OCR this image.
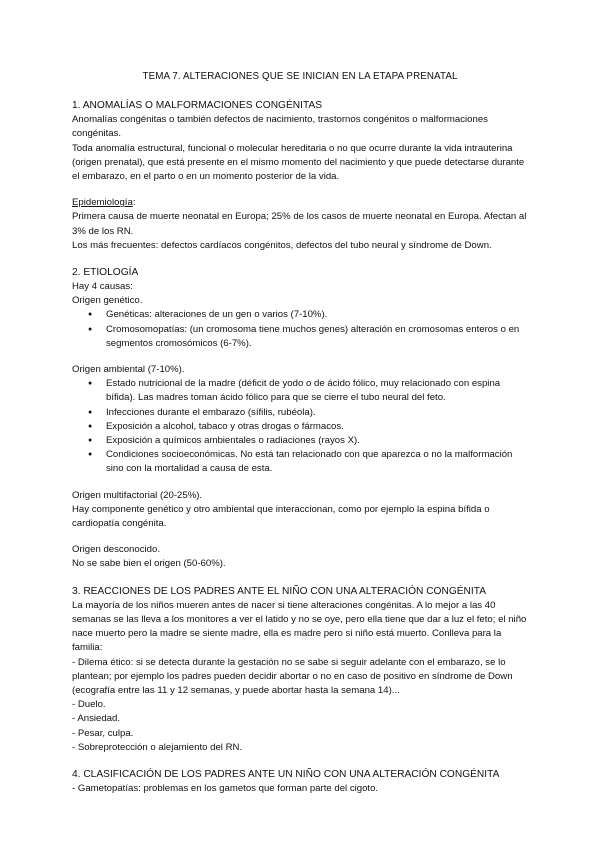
TEMA 7. ALTERACIONES QUE SE INICIAN EN LA ETAPA PRENATAL
1. ANOMALÍAS O MALFORMACIONES CONGÉNITAS
Anomalías congénitas o también defectos de nacimiento, trastornos congénitos o malformaciones congénitas.
Toda anomalía estructural, funcional o molecular hereditaria o no que ocurre durante la vida intrauterina (origen prenatal), que está presente en el mismo momento del nacimiento y que puede detectarse durante el embarazo, en el parto o en un momento posterior de la vida.
Epidemiología:
Primera causa de muerte neonatal en Europa; 25% de los casos de muerte neonatal en Europa. Afectan al 3% de los RN.
Los más frecuentes: defectos cardíacos congénitos, defectos del tubo neural y síndrome de Down.
2. ETIOLOGÍA
Hay 4 causas:
Origen genético.
● Genéticas: alteraciones de un gen o varios (7-10%).
● Cromosomopatías: (un cromosoma tiene muchos genes) alteración en cromosomas enteros o en segmentos cromosómicos (6-7%).
Origen ambiental (7-10%).
● Estado nutricional de la madre (déficit de yodo o de ácido fólico, muy relacionado con espina bífida). Las madres toman ácido fólico para que se cierre el tubo neural del feto.
● Infecciones durante el embarazo (sífilis, rubéola).
● Exposición a alcohol, tabaco y otras drogas o fármacos.
● Exposición a químicos ambientales o radiaciones (rayos X).
● Condiciones socioeconómicas. No está tan relacionado con que aparezca o no la malformación sino con la mortalidad a causa de esta.
Origen multifactorial (20-25%).
Hay componente genético y otro ambiental que interaccionan, como por ejemplo la espina bífida o cardiopatía congénita.
Origen desconocido.
No se sabe bien el origen (50-60%).
3. REACCIONES DE LOS PADRES ANTE EL NIÑO CON UNA ALTERACIÓN CONGÉNITA
La mayoría de los niños mueren antes de nacer si tiene alteraciones congénitas. A lo mejor a las 40 semanas se las lleva a los monitores a ver el latido y no se oye, pero ella tiene que dar a luz el feto; el niño nace muerto pero la madre se siente madre, ella es madre pero si niño está muerto. Conlleva para la familia:
- Dilema ético: si se detecta durante la gestación no se sabe si seguir adelante con el embarazo, se lo plantean; por ejemplo los padres pueden decidir abortar o no en caso de positivo en síndrome de Down (ecografía entre las 11 y 12 semanas, y puede abortar hasta la semana 14)...
- Duelo.
- Ansiedad.
- Pesar, culpa.
- Sobreprotección o alejamiento del RN.
4. CLASIFICACIÓN DE LOS PADRES ANTE UN NIÑO CON UNA ALTERACIÓN CONGÉNITA
- Gametopatías: problemas en los gametos que forman parte del cigoto.
